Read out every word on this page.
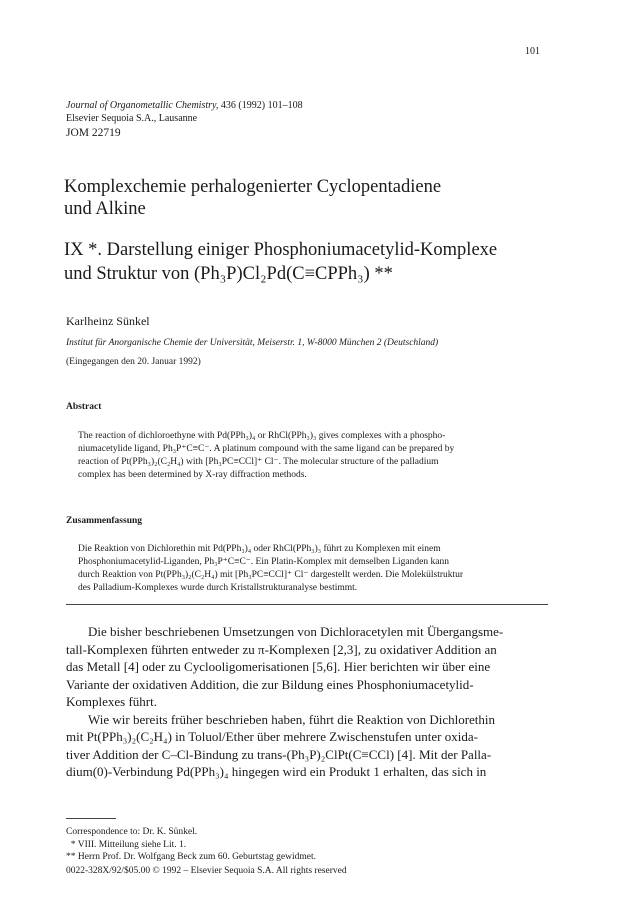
101
Journal of Organometallic Chemistry, 436 (1992) 101–108
Elsevier Sequoia S.A., Lausanne
JOM 22719
Komplexchemie perhalogenierter Cyclopentadiene
und Alkine
IX *. Darstellung einiger Phosphoniumacetylid-Komplexe
und Struktur von (Ph₃P)Cl₂Pd(C≡CPPh₃) **
Karlheinz Sünkel
Institut für Anorganische Chemie der Universität, Meiserstr. 1, W-8000 München 2 (Deutschland)
(Eingegangen den 20. Januar 1992)
Abstract
The reaction of dichloroethyne with Pd(PPh₃)₄ or RhCl(PPh₃)₃ gives complexes with a phospho-
niumacetylide ligand, Ph₃P⁺C≡C⁻. A platinum compound with the same ligand can be prepared by
reaction of Pt(PPh₃)₂(C₂H₄) with [Ph₃PC≡CCl]⁺ Cl⁻. The molecular structure of the palladium
complex has been determined by X-ray diffraction methods.
Zusammenfassung
Die Reaktion von Dichlorethin mit Pd(PPh₃)₄ oder RhCl(PPh₃)₃ führt zu Komplexen mit einem
Phosphoniumacetylid-Liganden, Ph₃P⁺C≡C⁻. Ein Platin-Komplex mit demselben Liganden kann
durch Reaktion von Pt(PPh₃)₂(C₂H₄) mit [Ph₃PC≡CCl]⁺ Cl⁻ dargestellt werden. Die Molekülstruktur
des Palladium-Komplexes wurde durch Kristallstrukturanalyse bestimmt.

Die bisher beschriebenen Umsetzungen von Dichloracetylen mit Übergangsme-

tall-Komplexen führten entweder zu π-Komplexen [2,3], zu oxidativer Addition an
das Metall [4] oder zu Cyclooligomerisationen [5,6]. Hier berichten wir über eine
Variante der oxidativen Addition, die zur Bildung eines Phosphoniumacetylid-
Komplexes führt.

Wie wir bereits früher beschrieben haben, führt die Reaktion von Dichlorethin

mit Pt(PPh₃)₂(C₂H₄) in Toluol/Ether über mehrere Zwischenstufen unter oxida-
tiver Addition der C–Cl-Bindung zu trans-(Ph₃P)₂ClPt(C≡CCl) [4]. Mit der Palla-
dium(0)-Verbindung Pd(PPh₃)₄ hingegen wird ein Produkt 1 erhalten, das sich in
Correspondence to: Dr. K. Sünkel.
* VIII. Mitteilung siehe Lit. 1.
** Herrn Prof. Dr. Wolfgang Beck zum 60. Geburtstag gewidmet.
0022-328X/92/$05.00 © 1992 – Elsevier Sequoia S.A. All rights reserved
